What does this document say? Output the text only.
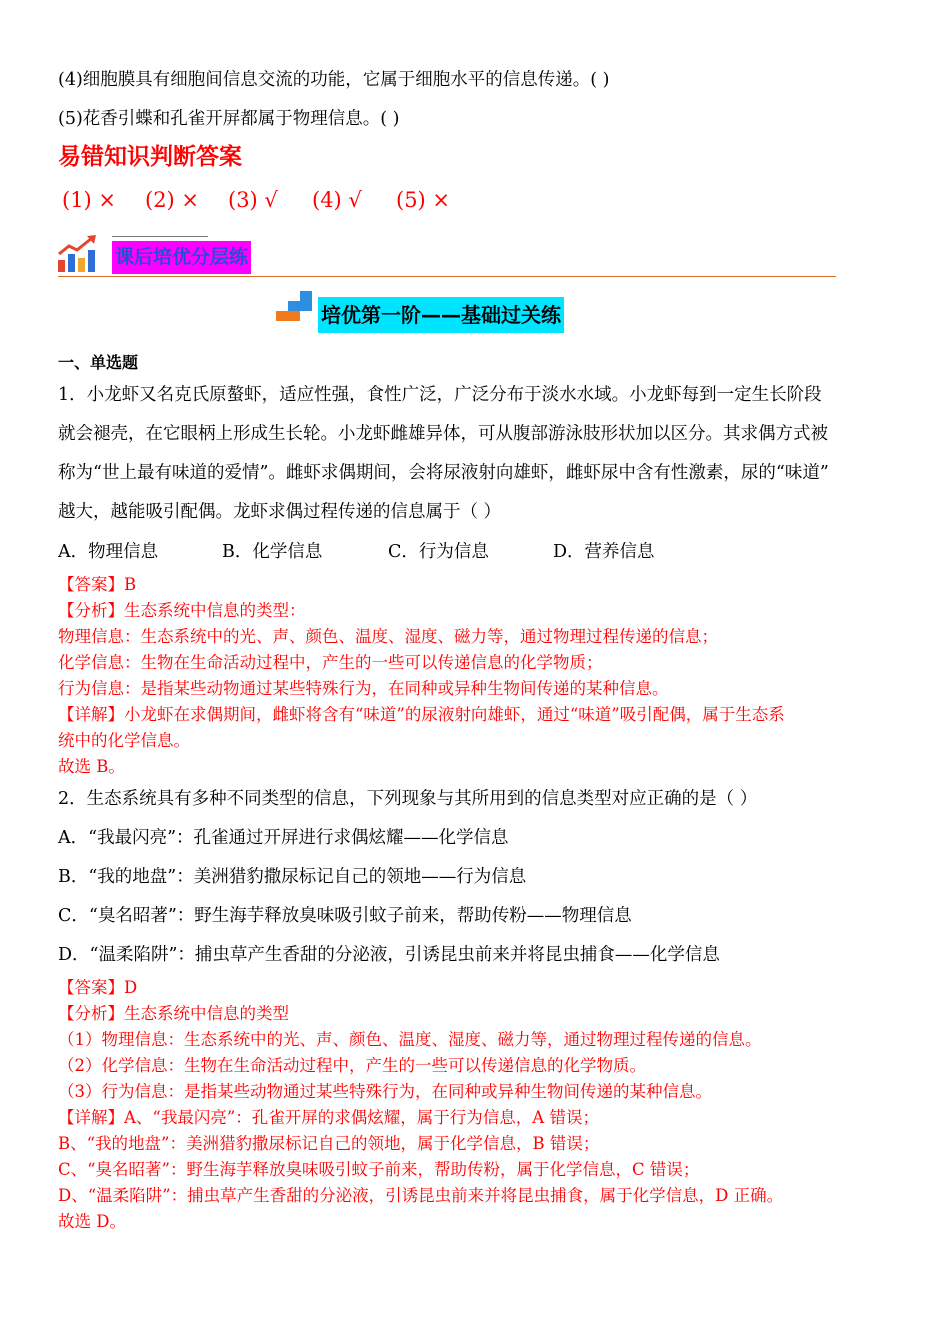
(4)细胞膜具有细胞间信息交流的功能，它属于细胞水平的信息传递。( )
(5)花香引蝶和孔雀开屏都属于物理信息。( )
易错知识判断答案
(1) × (2) × (3) √ (4) √ (5) ×
课后培优分层练
培优第一阶——基础过关练
一、单选题
1．小龙虾又名克氏原螯虾，适应性强，食性广泛，广泛分布于淡水水域。小龙虾每到一定生长阶段
就会褪壳，在它眼柄上形成生长轮。小龙虾雌雄异体，可从腹部游泳肢形状加以区分。其求偶方式被
称为“世上最有味道的爱情”。雌虾求偶期间，会将尿液射向雄虾，雌虾尿中含有性激素，尿的“味道”
越大，越能吸引配偶。龙虾求偶过程传递的信息属于（ ）
A．物理信息	B．化学信息	C．行为信息	D．营养信息
【答案】B
【分析】生态系统中信息的类型：
物理信息：生态系统中的光、声、颜色、温度、湿度、磁力等，通过物理过程传递的信息；
化学信息：生物在生命活动过程中，产生的一些可以传递信息的化学物质；
行为信息：是指某些动物通过某些特殊行为，在同种或异种生物间传递的某种信息。
【详解】小龙虾在求偶期间，雌虾将含有“味道”的尿液射向雄虾，通过“味道”吸引配偶，属于生态系
统中的化学信息。
故选 B。
2．生态系统具有多种不同类型的信息，下列现象与其所用到的信息类型对应正确的是（ ）
A．“我最闪亮”：孔雀通过开屏进行求偶炫耀——化学信息
B．“我的地盘”：美洲猎豹撒尿标记自己的领地——行为信息
C．“臭名昭著”：野生海芋释放臭味吸引蚊子前来，帮助传粉——物理信息
D．“温柔陷阱”：捕虫草产生香甜的分泌液，引诱昆虫前来并将昆虫捕食——化学信息
【答案】D
【分析】生态系统中信息的类型
（1）物理信息：生态系统中的光、声、颜色、温度、湿度、磁力等，通过物理过程传递的信息。
（2）化学信息：生物在生命活动过程中，产生的一些可以传递信息的化学物质。
（3）行为信息：是指某些动物通过某些特殊行为，在同种或异种生物间传递的某种信息。
【详解】A、“我最闪亮”：孔雀开屏的求偶炫耀，属于行为信息，A 错误；
B、“我的地盘”：美洲猎豹撒尿标记自己的领地，属于化学信息，B 错误；
C、“臭名昭著”：野生海芋释放臭味吸引蚊子前来，帮助传粉，属于化学信息，C 错误；
D、“温柔陷阱”：捕虫草产生香甜的分泌液，引诱昆虫前来并将昆虫捕食，属于化学信息，D 正确。
故选 D。
